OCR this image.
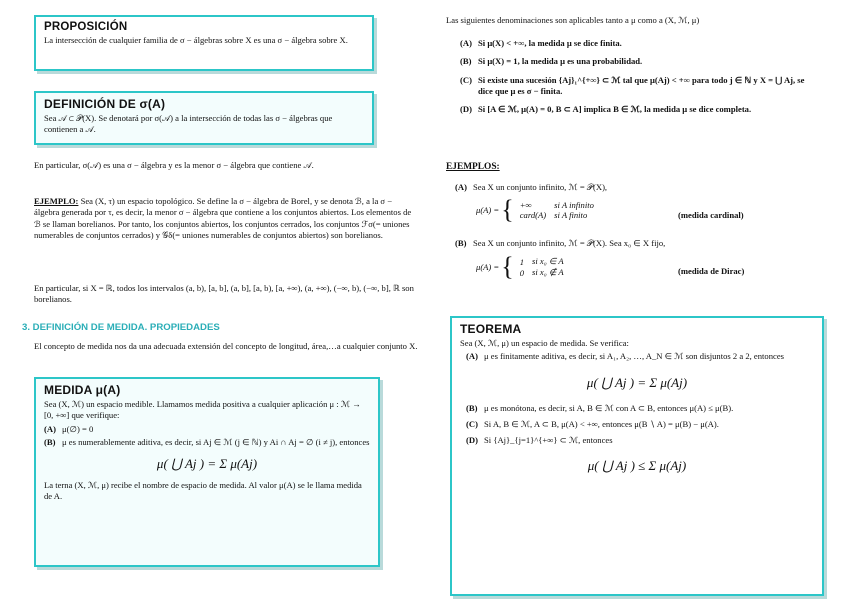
PROPOSICIÓN

La intersección de cualquier familia de σ − álgebras sobre X es una σ − álgebra sobre X.

DEFINICIÓN DE σ(A)

Sea 𝒜 ⊂ 𝒫(X). Se denotará por σ(𝒜) a la intersección de todas las σ − álgebras que contienen a 𝒜.

En particular, σ(𝒜) es una σ − álgebra y es la menor σ − álgebra que contiene 𝒜.
EJEMPLO: Sea (X, τ) un espacio topológico. Se define la σ − álgebra de Borel, y se denota ℬ, a la σ − álgebra generada por τ, es decir, la menor σ − álgebra que contiene a los conjuntos abiertos. Los elementos de ℬ se llaman borelianos. Por tanto, los conjuntos abiertos, los conjuntos cerrados, los conjuntos ℱσ(= uniones numerables de conjuntos cerrados) y 𝒢δ(= uniones numerables de conjuntos abiertos) son borelianos.
En particular, si X = ℝ, todos los intervalos (a, b), [a, b], (a, b], [a, b), [a, +∞), (a, +∞), (−∞, b), (−∞, b], ℝ son borelianos.
3. DEFINICIÓN DE MEDIDA. PROPIEDADES
El concepto de medida nos da una adecuada extensión del concepto de longitud, área,…a cualquier conjunto X.
MEDIDA μ(A)

Sea (X, ℳ) un espacio medible. Llamamos medida positiva a cualquier aplicación μ : ℳ → [0, +∞] que verifique:

(A) μ(∅) = 0
(B) μ es numerablemente aditiva, es decir, si Aj ∈ ℳ (j ∈ ℕ) y Ai ∩ Aj = ∅ (i ≠ j), entonces
μ( ⋃ Aj ) = Σ μ(Aj)

La terna (X, ℳ, μ) recibe el nombre de espacio de medida. Al valor μ(A) se le llama medida de A.

Las siguientes denominaciones son aplicables tanto a μ como a (X, ℳ, μ)
(A) Si μ(X) < +∞, la medida μ se dice finita.
(B) Si μ(X) = 1, la medida μ es una probabilidad.
(C) Si existe una sucesión {Aj}₁^{+∞} ⊂ ℳ tal que μ(Aj) < +∞ para todo j ∈ ℕ y X = ⋃ Aj, se dice que μ es σ − finita.
(D) Si [A ∈ ℳ, μ(A) = 0, B ⊂ A] implica B ∈ ℳ, la medida μ se dice completa.
EJEMPLOS:
(A) Sea X un conjunto infinito, ℳ = 𝒫(X),
μ(A) = { +∞	si A infinito
card(A)	si A finito	(medida cardinal)
(B) Sea X un conjunto infinito, ℳ = 𝒫(X). Sea x₀ ∈ X fijo,
μ(A) = { 1	si x₀ ∈ A
0	si x₀ ∉ A	(medida de Dirac)
TEOREMA

Sea (X, ℳ, μ) un espacio de medida. Se verifica:

(A) μ es finitamente aditiva, es decir, si A₁, A₂, …, A_N ∈ ℳ son disjuntos 2 a 2, entonces
μ( ⋃ Aj ) = Σ μ(Aj)
(B) μ es monótona, es decir, si A, B ∈ ℳ con A ⊂ B, entonces μ(A) ≤ μ(B).
(C) Si A, B ∈ ℳ, A ⊂ B, μ(A) < +∞, entonces μ(B ∖ A) = μ(B) − μ(A).
(D) Si {Aj}_{j=1}^{+∞} ⊂ ℳ, entonces
μ( ⋃ Aj ) ≤ Σ μ(Aj)
